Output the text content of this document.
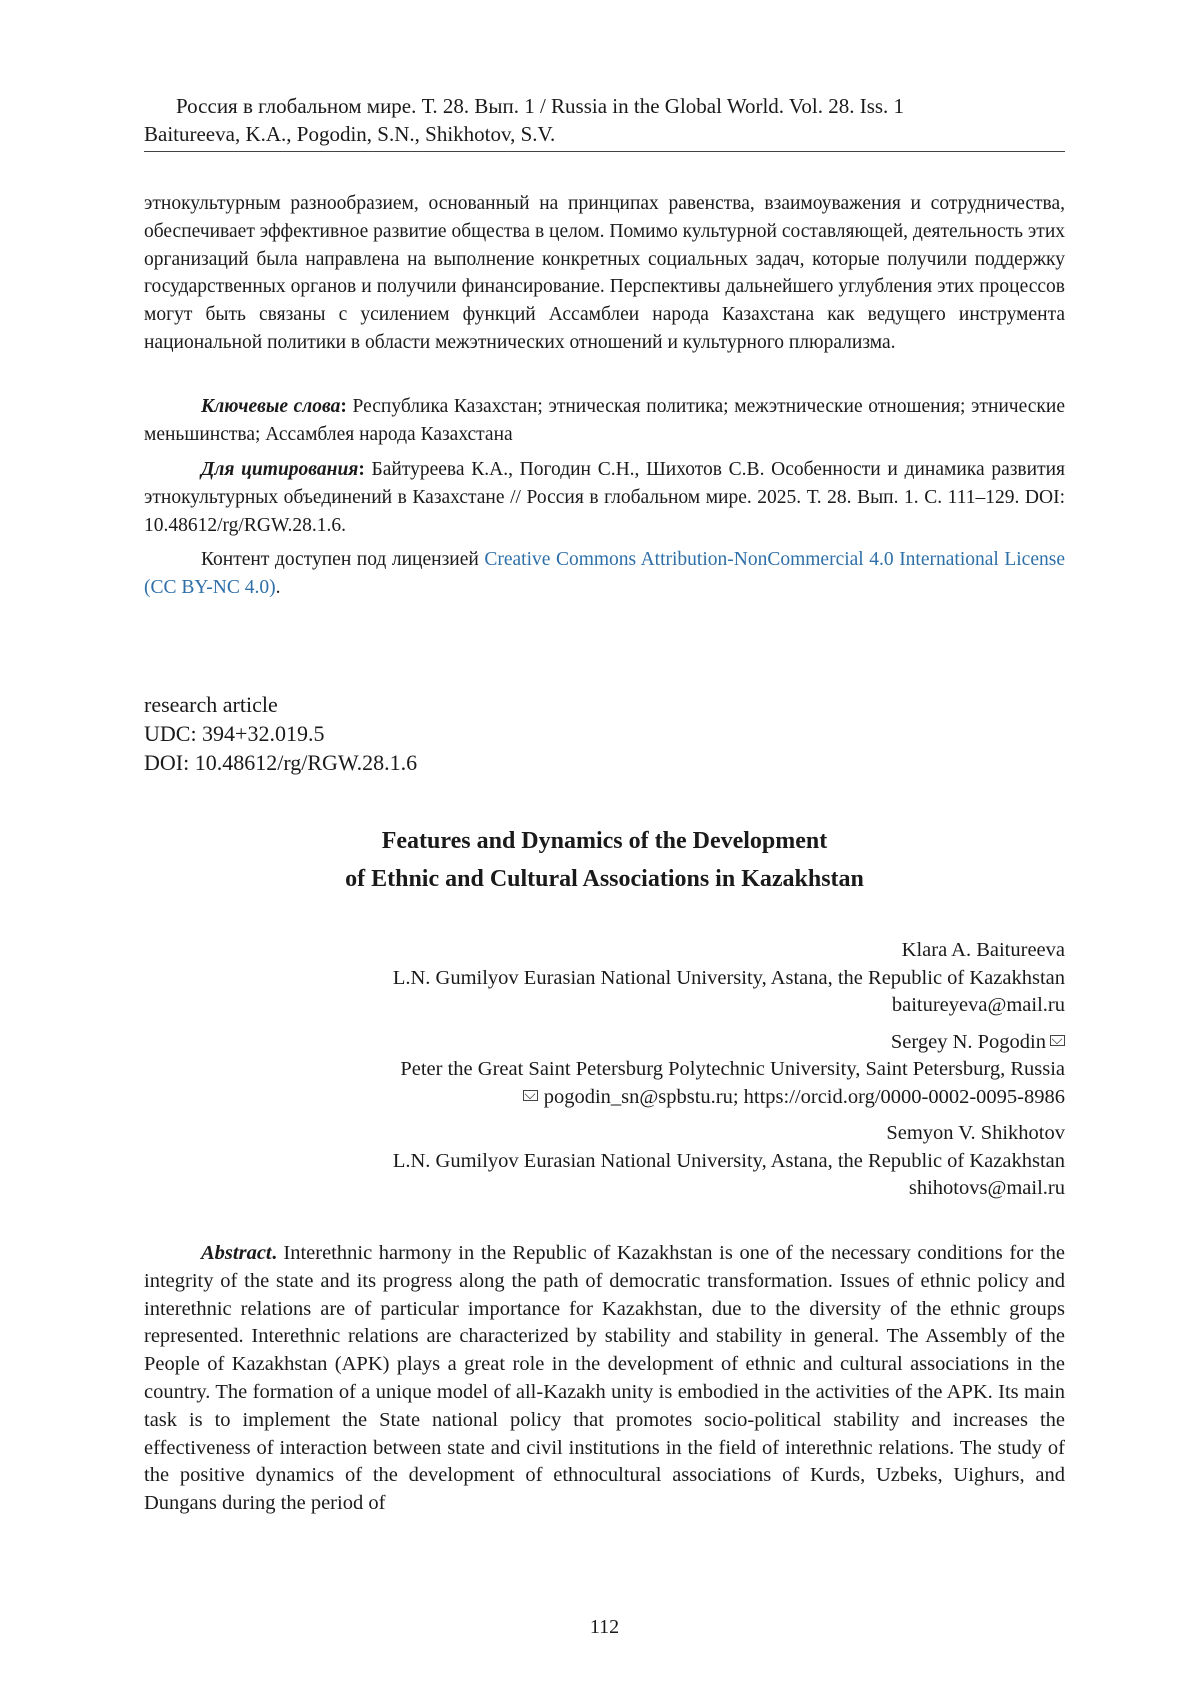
Россия в глобальном мире. Т. 28. Вып. 1 / Russia in the Global World. Vol. 28. Iss. 1
Baitureeva, K.A., Pogodin, S.N., Shikhotov, S.V.

этнокультурным разнообразием, основанный на принципах равенства, взаимоуважения и сотрудничества, обеспечивает эффективное развитие общества в целом. Помимо культурной составляющей, деятельность этих организаций была направлена на выполнение конкретных социальных задач, которые получили поддержку государственных органов и получили финансирование. Перспективы дальнейшего углубления этих процессов могут быть связаны с усилением функций Ассамблеи народа Казахстана как ведущего инструмента национальной политики в области межэтнических отношений и культурного плюрализма.

Ключевые слова: Республика Казахстан; этническая политика; межэтнические отношения; этнические меньшинства; Ассамблея народа Казахстана

Для цитирования: Байтуреева К.А., Погодин С.Н., Шихотов С.В. Особенности и динамика развития этнокультурных объединений в Казахстане // Россия в глобальном мире. 2025. Т. 28. Вып. 1. С. 111–129. DOI: 10.48612/rg/RGW.28.1.6.

Контент доступен под лицензией Creative Commons Attribution-NonCommercial 4.0 International License (CC BY-NC 4.0).

research article
UDC: 394+32.019.5
DOI: 10.48612/rg/RGW.28.1.6
Features and Dynamics of the Development
of Ethnic and Cultural Associations in Kazakhstan
Klara A. Baitureeva
L.N. Gumilyov Eurasian National University, Astana, the Republic of Kazakhstan
baitureyeva@mail.ru
Sergey N. Pogodin
Peter the Great Saint Petersburg Polytechnic University, Saint Petersburg, Russia
pogodin_sn@spbstu.ru; https://orcid.org/0000-0002-0095-8986
Semyon V. Shikhotov
L.N. Gumilyov Eurasian National University, Astana, the Republic of Kazakhstan
shihotovs@mail.ru

Abstract. Interethnic harmony in the Republic of Kazakhstan is one of the necessary conditions for the integrity of the state and its progress along the path of democratic transformation. Issues of ethnic policy and interethnic relations are of particular importance for Kazakhstan, due to the diversity of the ethnic groups represented. Interethnic relations are characterized by stability and stability in general. The Assembly of the People of Kazakhstan (APK) plays a great role in the development of ethnic and cultural associations in the country. The formation of a unique model of all-Kazakh unity is embodied in the activities of the APK. Its main task is to implement the State national policy that promotes socio-political stability and increases the effectiveness of interaction between state and civil institutions in the field of interethnic relations. The study of the positive dynamics of the development of ethnocultural associations of Kurds, Uzbeks, Uighurs, and Dungans during the period of

112
